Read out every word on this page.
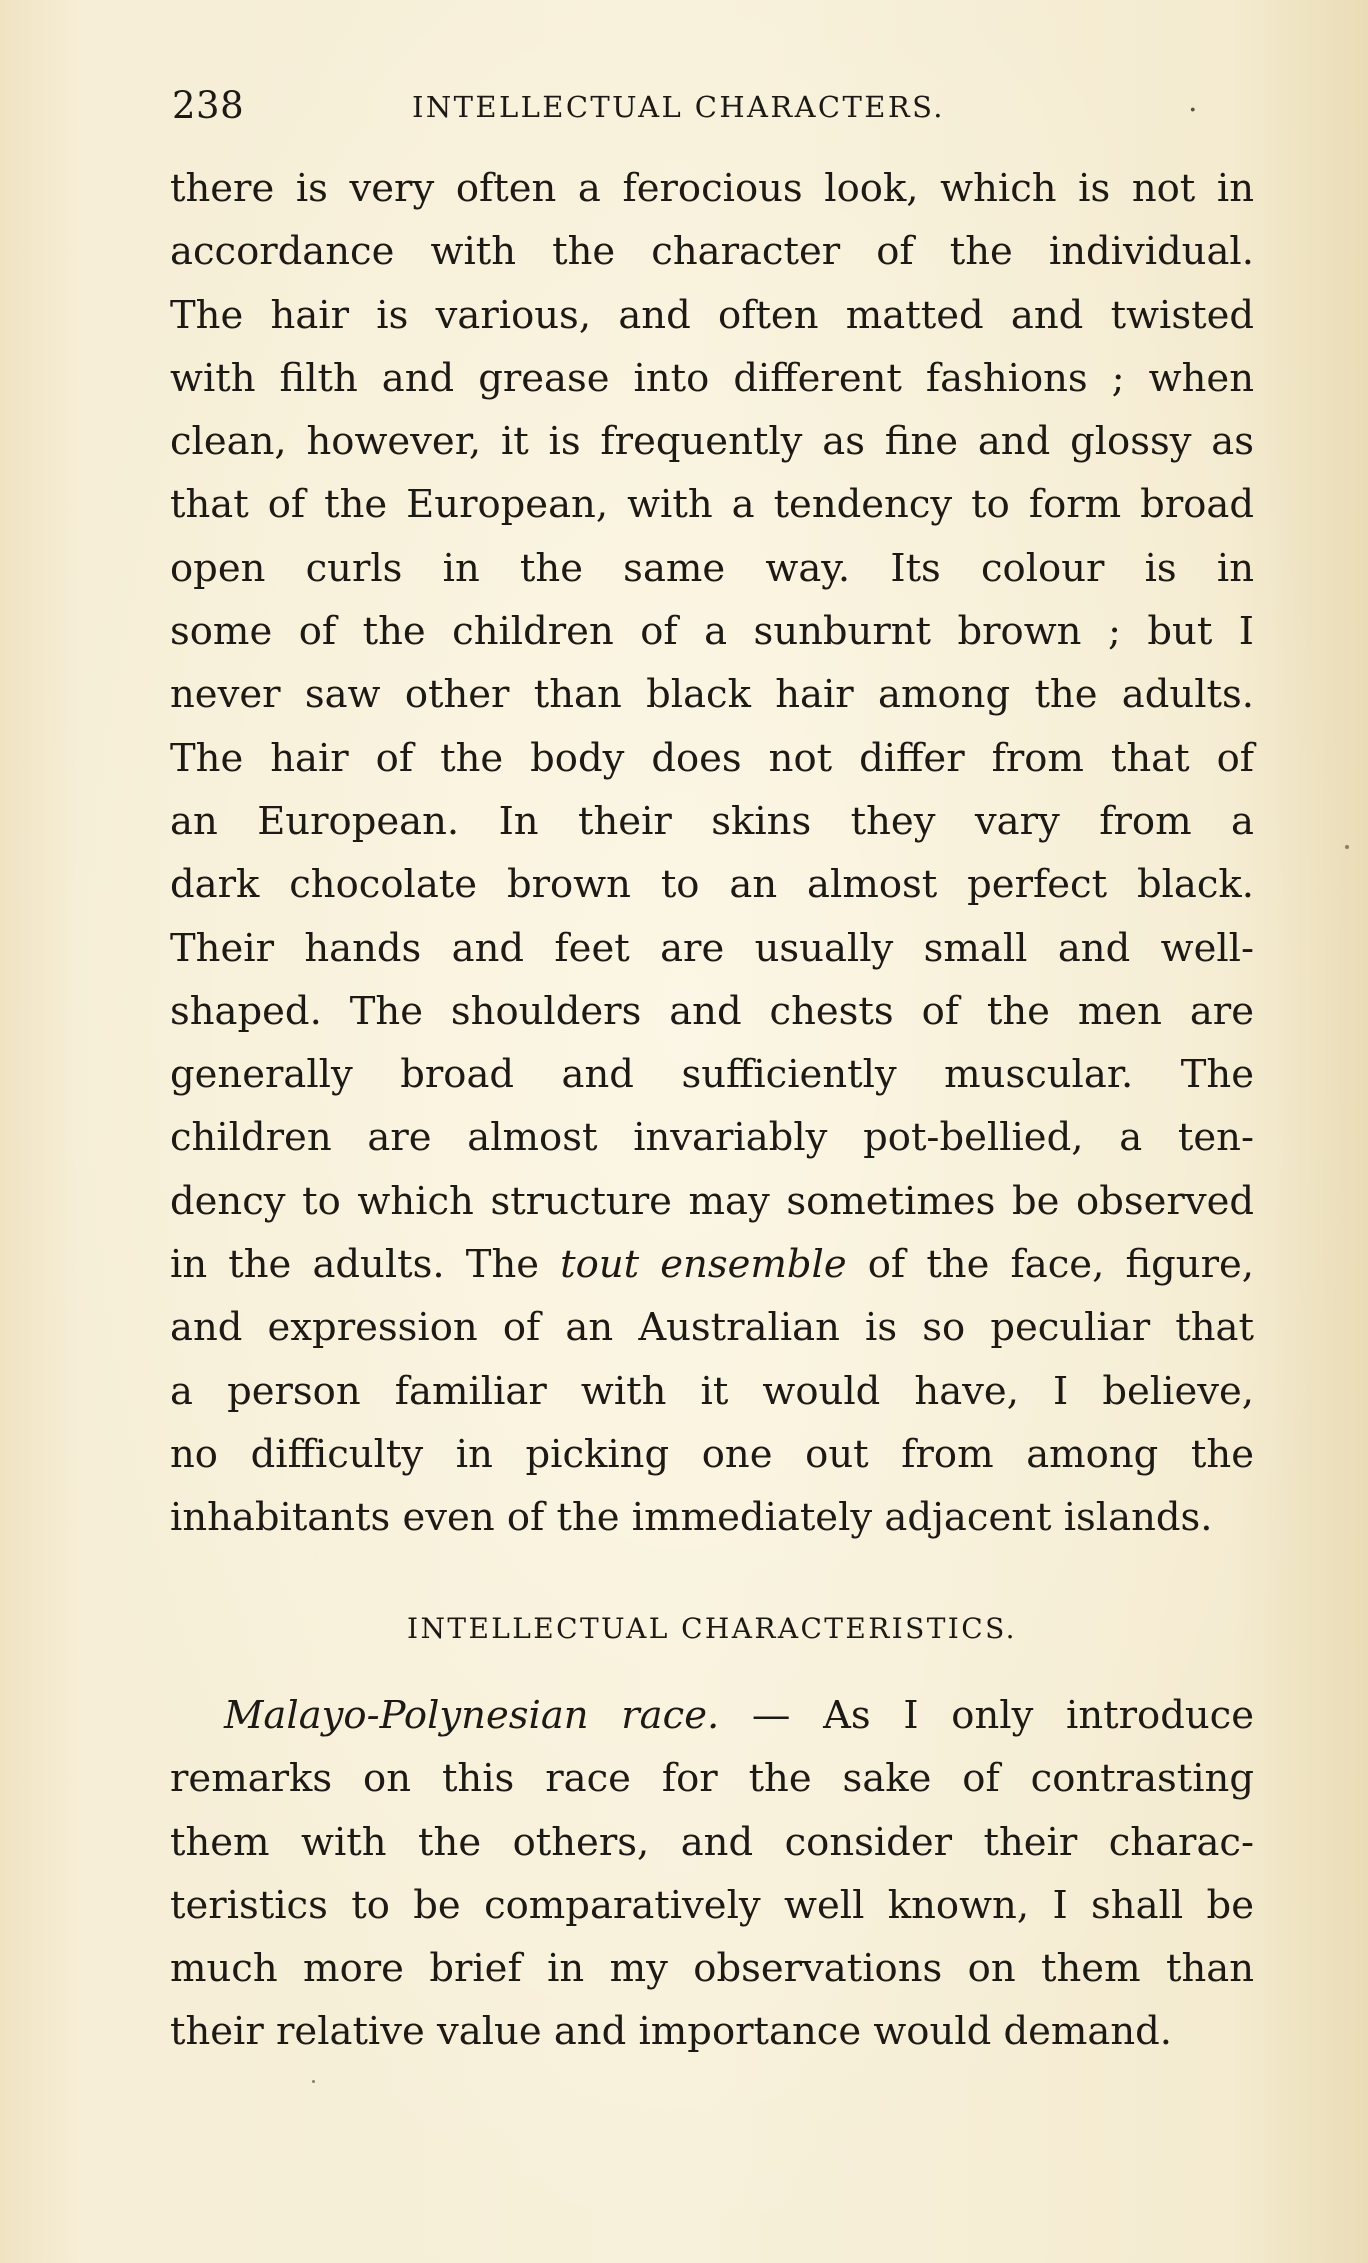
238	INTELLECTUAL CHARACTERS.	.
there is very often a ferocious look, which is not in
accordance with the character of the individual.
The hair is various, and often matted and twisted
with filth and grease into different fashions ; when
clean, however, it is frequently as fine and glossy as
that of the European, with a tendency to form broad
open curls in the same way. Its colour is in
some of the children of a sunburnt brown ; but I
never saw other than black hair among the adults.
The hair of the body does not differ from that of
an European. In their skins they vary from a
dark chocolate brown to an almost perfect black.
Their hands and feet are usually small and well-
shaped. The shoulders and chests of the men are
generally broad and sufficiently muscular. The
children are almost invariably pot-bellied, a ten-
dency to which structure may sometimes be observed
in the adults. The tout ensemble of the face, figure,
and expression of an Australian is so peculiar that
a person familiar with it would have, I believe,
no difficulty in picking one out from among the
inhabitants even of the immediately adjacent islands.
INTELLECTUAL CHARACTERISTICS.
Malayo-Polynesian race. — As I only introduce
remarks on this race for the sake of contrasting
them with the others, and consider their charac-
teristics to be comparatively well known, I shall be
much more brief in my observations on them than
their relative value and importance would demand.
